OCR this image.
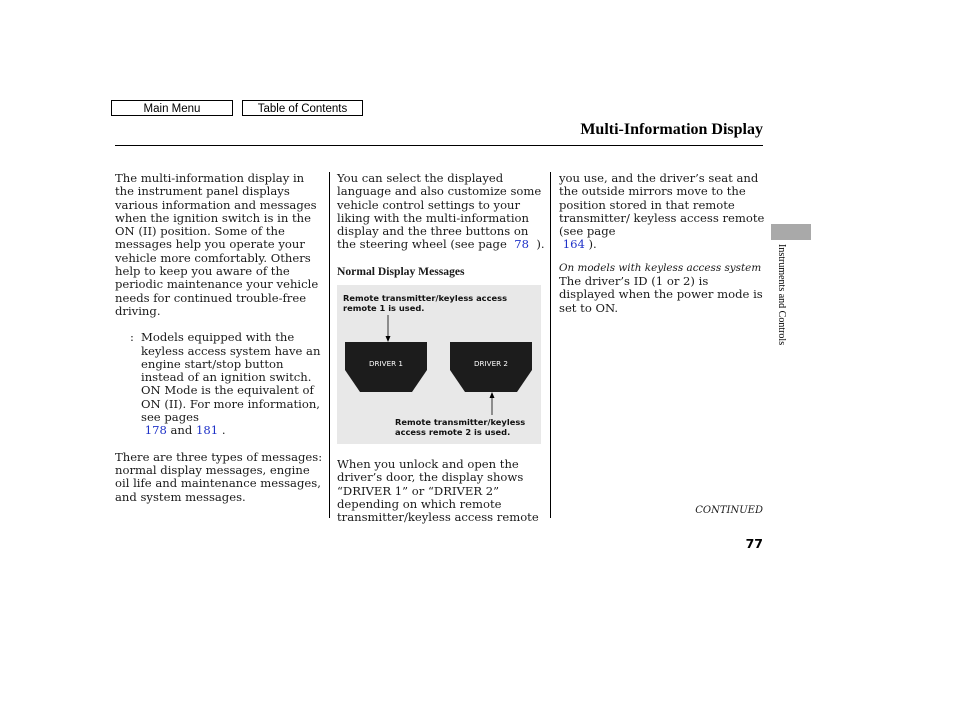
Main Menu	Table of Contents
Multi-Information Display

The multi-information display in the instrument panel displays various information and messages when the ignition switch is in the ON (II) position. Some of the messages help you operate your vehicle more comfortably. Others help to keep you aware of the periodic maintenance your vehicle needs for continued trouble-free driving.

: Models equipped with the keyless access system have an engine start/stop button instead of an ignition switch. ON Mode is the equivalent of ON (II). For more information, see pages
178 and 181 .

There are three types of messages: normal display messages, engine oil life and maintenance messages, and system messages.

You can select the displayed language and also customize some vehicle control settings to your liking with the multi-information display and the three buttons on the steering wheel (see page 78 ).

Normal Display Messages

When you unlock and open the driver’s door, the display shows “DRIVER 1” or “DRIVER 2” depending on which remote transmitter/keyless access remote

Remote transmitter/keyless access remote 1 is used.
Remote transmitter/keyless access remote 2 is used.
DRIVER 1	DRIVER 2

you use, and the driver’s seat and the outside mirrors move to the position stored in that remote transmitter/ keyless access remote (see page
164 ).

On models with keyless access system

The driver’s ID (1 or 2) is displayed when the power mode is set to ON.	Instruments and Controls
CONTINUED
77
